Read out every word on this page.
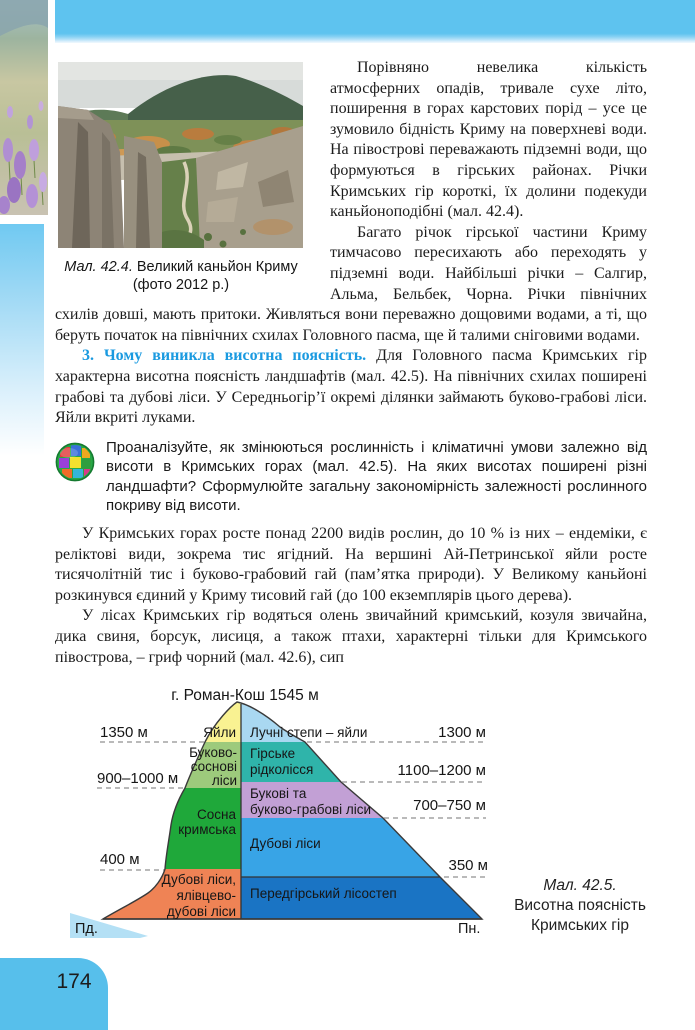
Мал. 42.4. Великий каньйон Криму
(фото 2012 р.)

Порівняно невелика кількість атмосферних опадів, тривале сухе літо, поширення в горах карстових порід – усе це зумовило бідність Криму на поверхневі води. На півострові переважають підземні води, що формуються в гірських районах. Річки Кримських гір короткі, їх долини подекуди каньйоноподібні (мал. 42.4).

Багато річок гірської частини Криму тимчасово пересихають або переходять у підземні води. Найбільші річки – Салгир, Альма, Бельбек, Чорна. Річки північних схилів довші, мають притоки. Живляться вони переважно дощовими водами, а ті, що беруть початок на північних схилах Головного пасма, ще й талими сніговими водами.

3. Чому виникла висотна поясність. Для Головного пасма Кримських гір характерна висотна поясність ландшафтів (мал. 42.5). На північних схилах поширені грабові та дубові ліси. У Середньогір’ї окремі ділянки займають буково-грабові ліси. Яйли вкриті луками.

Проаналізуйте, як змінюються рослинність і кліматичні умови залежно від висоти в Кримських горах (мал. 42.5). На яких висотах поширені різні ландшафти? Сформулюйте загальну закономірність залежності рослинного покриву від висоти.

У Кримських горах росте понад 2200 видів рослин, до 10 % із них – ендеміки, є реліктові види, зокрема тис ягідний. На вершині Ай-Петринської яйли росте тисячолітній тис і буково-грабовий гай (пам’ятка природи). У Великому каньйоні розкинувся єдиний у Криму тисовий гай (до 100 екземплярів цього дерева).

У лісах Кримських гір водяться олень звичайний кримський, козуля звичайна, дика свиня, борсук, лисиця, а також птахи, характерні тільки для Кримського півострова, – гриф чорний (мал. 42.6), сип

г. Роман-Кош 1545 м
1350 м
900–1000 м
400 м
1300 м
1100–1200 м
700–750 м
350 м
Яйли Лучні степи – яйли
Буково-
соснові
ліси
Гірське
рідколісся
Сосна
кримська
Букові та
буково-грабові ліси
Дубові ліси
Дубові ліси,
ялівцево-
дубові ліси
Передгірський лісостеп
Пд.	Пн.
Мал. 42.5.
Висотна поясність
Кримських гір
174
